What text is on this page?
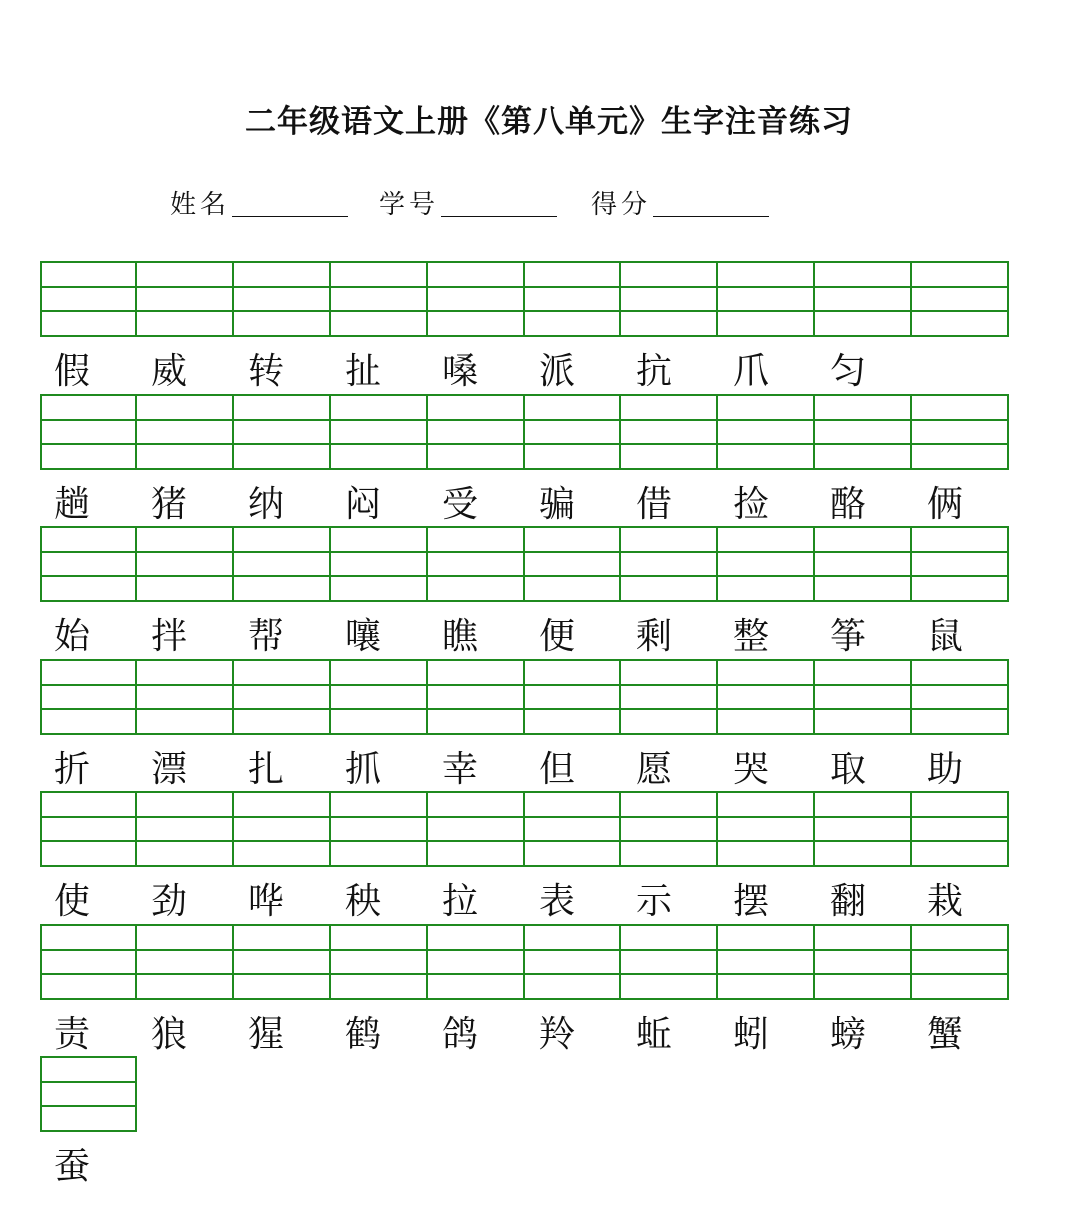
二年级语文上册《第八单元》生字注音练习
姓名	学号	得分
假	威	转	扯	嗓	派	抗	爪	匀
趟	猪	纳	闷	受	骗	借	捡	酪	俩
始	拌	帮	嚷	瞧	便	剩	整	筝	鼠
折	漂	扎	抓	幸	但	愿	哭	取	助
使	劲	哗	秧	拉	表	示	摆	翻	栽
责	狼	猩	鹤	鸽	羚	蚯	蚓	螃	蟹
蚕
